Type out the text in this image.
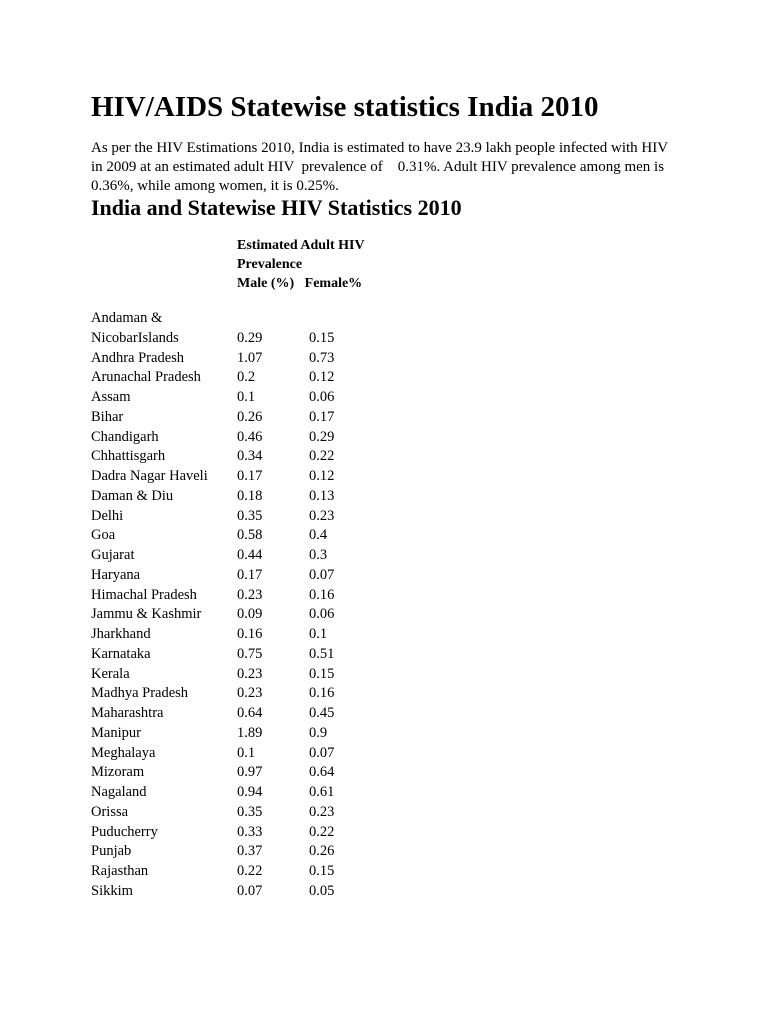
HIV/AIDS Statewise statistics India 2010

As per the HIV Estimations 2010, India is estimated to have 23.9 lakh people infected with HIV
in 2009 at an estimated adult HIV  prevalence of    0.31%. Adult HIV prevalence among men is
0.36%, while among women, it is 0.25%.

India and Statewise HIV Statistics 2010
Estimated Adult HIV
Prevalence
Male (%)   Female%
Andaman & NicobarIslands	0.29	0.15
Andhra Pradesh	1.07	0.73
Arunachal Pradesh	0.2	0.12
Assam	0.1	0.06
Bihar	0.26	0.17
Chandigarh	0.46	0.29
Chhattisgarh	0.34	0.22
Dadra Nagar Haveli	0.17	0.12
Daman & Diu	0.18	0.13
Delhi	0.35	0.23
Goa	0.58	0.4
Gujarat	0.44	0.3
Haryana	0.17	0.07
Himachal Pradesh	0.23	0.16
Jammu & Kashmir	0.09	0.06
Jharkhand	0.16	0.1
Karnataka	0.75	0.51
Kerala	0.23	0.15
Madhya Pradesh	0.23	0.16
Maharashtra	0.64	0.45
Manipur	1.89	0.9
Meghalaya	0.1	0.07
Mizoram	0.97	0.64
Nagaland	0.94	0.61
Orissa	0.35	0.23
Puducherry	0.33	0.22
Punjab	0.37	0.26
Rajasthan	0.22	0.15
Sikkim	0.07	0.05
